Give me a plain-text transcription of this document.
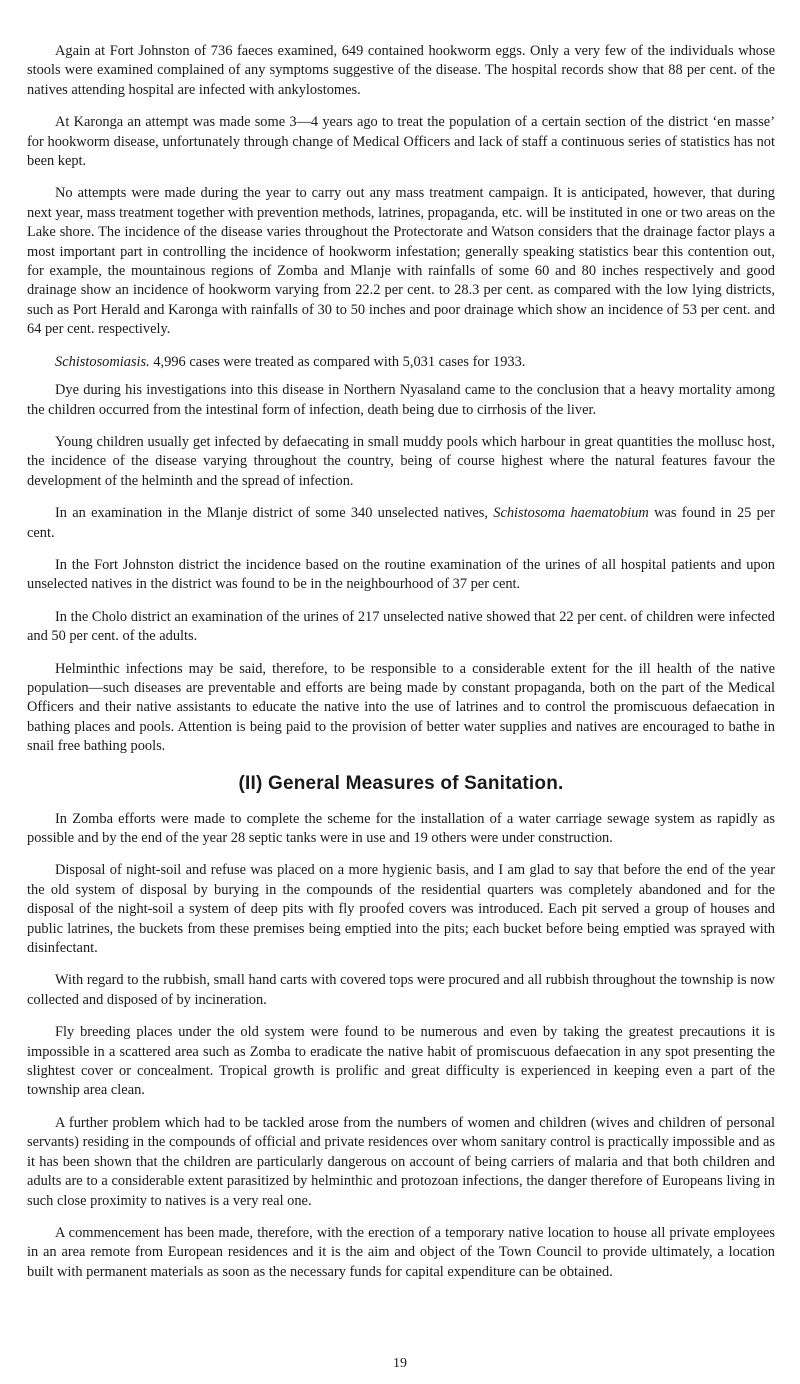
Again at Fort Johnston of 736 faeces examined, 649 contained hookworm eggs. Only a very few of the individuals whose stools were examined complained of any symptoms suggestive of the disease. The hospital records show that 88 per cent. of the natives attending hospital are infected with ankylostomes.

At Karonga an attempt was made some 3—4 years ago to treat the population of a certain section of the district ‘en masse’ for hookworm disease, unfortunately through change of Medical Officers and lack of staff a continuous series of statistics has not been kept.

No attempts were made during the year to carry out any mass treatment campaign. It is anticipated, however, that during next year, mass treatment together with prevention methods, latrines, propaganda, etc. will be instituted in one or two areas on the Lake shore. The incidence of the disease varies throughout the Protectorate and Watson considers that the drainage factor plays a most important part in controlling the incidence of hookworm infestation; generally speaking statistics bear this contention out, for example, the mountainous regions of Zomba and Mlanje with rainfalls of some 60 and 80 inches respectively and good drainage show an incidence of hookworm varying from 22.2 per cent. to 28.3 per cent. as compared with the low lying districts, such as Port Herald and Karonga with rainfalls of 30 to 50 inches and poor drainage which show an incidence of 53 per cent. and 64 per cent. respectively.

Schistosomiasis. 4,996 cases were treated as compared with 5,031 cases for 1933.

Dye during his investigations into this disease in Northern Nyasaland came to the conclusion that a heavy mortality among the children occurred from the intestinal form of infection, death being due to cirrhosis of the liver.

Young children usually get infected by defaecating in small muddy pools which harbour in great quantities the mollusc host, the incidence of the disease varying throughout the country, being of course highest where the natural features favour the development of the helminth and the spread of infection.

In an examination in the Mlanje district of some 340 unselected natives, Schistosoma haematobium was found in 25 per cent.

In the Fort Johnston district the incidence based on the routine examination of the urines of all hospital patients and upon unselected natives in the district was found to be in the neighbourhood of 37 per cent.

In the Cholo district an examination of the urines of 217 unselected native showed that 22 per cent. of children were infected and 50 per cent. of the adults.

Helminthic infections may be said, therefore, to be responsible to a considerable extent for the ill health of the native population—such diseases are preventable and efforts are being made by constant propaganda, both on the part of the Medical Officers and their native assistants to educate the native into the use of latrines and to control the promiscuous defaecation in bathing places and pools. Attention is being paid to the provision of better water supplies and natives are encouraged to bathe in snail free bathing pools.

(II) General Measures of Sanitation.

In Zomba efforts were made to complete the scheme for the installation of a water carriage sewage system as rapidly as possible and by the end of the year 28 septic tanks were in use and 19 others were under construction.

Disposal of night-soil and refuse was placed on a more hygienic basis, and I am glad to say that before the end of the year the old system of disposal by burying in the compounds of the residential quarters was completely abandoned and for the disposal of the night-soil a system of deep pits with fly proofed covers was introduced. Each pit served a group of houses and public latrines, the buckets from these premises being emptied into the pits; each bucket before being emptied was sprayed with disinfectant.

With regard to the rubbish, small hand carts with covered tops were procured and all rubbish throughout the township is now collected and disposed of by incineration.

Fly breeding places under the old system were found to be numerous and even by taking the greatest precautions it is impossible in a scattered area such as Zomba to eradicate the native habit of promiscuous defaecation in any spot presenting the slightest cover or concealment. Tropical growth is prolific and great difficulty is experienced in keeping even a part of the township area clean.

A further problem which had to be tackled arose from the numbers of women and children (wives and children of personal servants) residing in the compounds of official and private residences over whom sanitary control is practically impossible and as it has been shown that the children are particularly dangerous on account of being carriers of malaria and that both children and adults are to a considerable extent parasitized by helminthic and protozoan infections, the danger therefore of Europeans living in such close proximity to natives is a very real one.

A commencement has been made, therefore, with the erection of a temporary native location to house all private employees in an area remote from European residences and it is the aim and object of the Town Council to provide ultimately, a location built with permanent materials as soon as the necessary funds for capital expenditure can be obtained.

19
